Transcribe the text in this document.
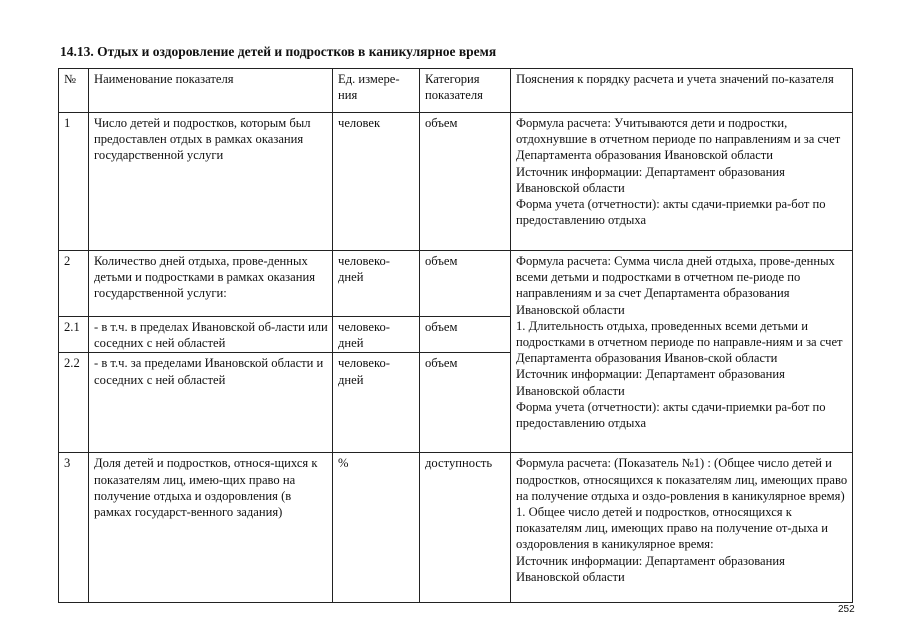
14.13. Отдых и оздоровление детей и подростков в каникулярное время
№	Наименование показателя	Ед. измере-ния	Категория показателя	Пояснения к порядку расчета и учета значений по-казателя
1	Число детей и подростков, которым был предоставлен отдых в рамках оказания государственной услуги	человек	объем	Формула расчета: Учитываются дети и подростки, отдохнувшие в отчетном периоде по направлениям и за счет Департамента образования Ивановской области
Источник информации: Департамент образования Ивановской области
Форма учета (отчетности): акты сдачи-приемки ра-бот по предоставлению отдыха

2	Количество дней отдыха, прове-денных детьми и подростками в рамках оказания государственной услуги:	человеко-дней	объем	Формула расчета: Сумма числа дней отдыха, прове-денных всеми детьми и подростками в отчетном пе-риоде по направлениям и за счет Департамента образования Ивановской области
1. Длительность отдыха, проведенных всеми детьми и подростками в отчетном периоде по направле-ниям и за счет Департамента образования Иванов-ской области
Источник информации: Департамент образования Ивановской области
Форма учета (отчетности): акты сдачи-приемки ра-бот по предоставлению отдыха

2.1	- в т.ч. в пределах Ивановской об-ласти или соседних с ней областей	человеко-дней	объем	
2.2	- в т.ч. за пределами Ивановской области и соседних с ней областей	человеко-дней	объем	
3	Доля детей и подростков, относя-щихся к показателям лиц, имею-щих право на получение отдыха и оздоровления (в рамках государст-венного задания)	%	доступность	Формула расчета: (Показатель №1) : (Общее число детей и подростков, относящихся к показателям лиц, имеющих право на получение отдыха и оздо-ровления в каникулярное время)
1. Общее число детей и подростков, относящихся к показателям лиц, имеющих право на получение от-дыха и оздоровления в каникулярное время:
Источник информации: Департамент образования Ивановской области
252
